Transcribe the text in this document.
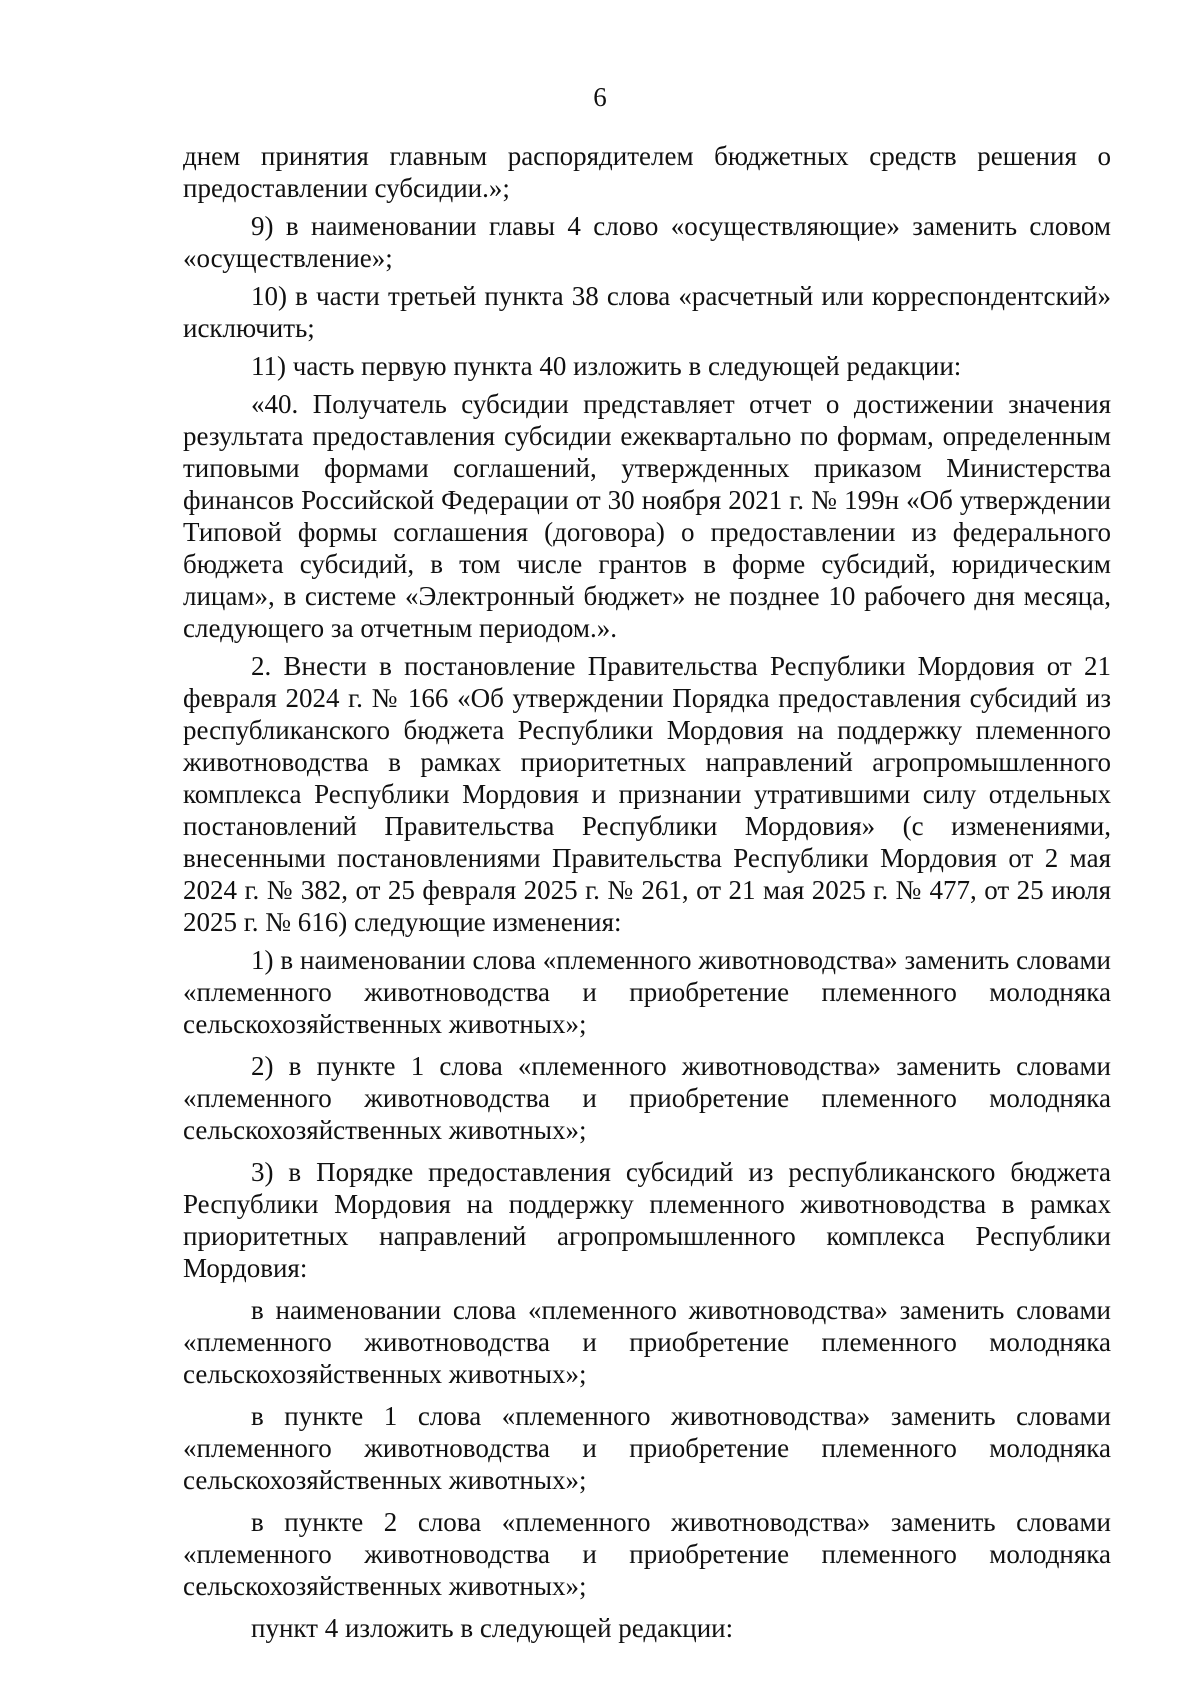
6

днем принятия главным распорядителем бюджетных средств решения о предоставлении субсидии.»;

9) в наименовании главы 4 слово «осуществляющие» заменить словом «осуществление»;

10) в части третьей пункта 38 слова «расчетный или корреспондентский» исключить;

11) часть первую пункта 40 изложить в следующей редакции:

«40. Получатель субсидии представляет отчет о достижении значения результата предоставления субсидии ежеквартально по формам, определенным типовыми формами соглашений, утвержденных приказом Министерства финансов Российской Федерации от 30 ноября 2021 г. № 199н «Об утверждении Типовой формы соглашения (договора) о предоставлении из федерального бюджета субсидий, в том числе грантов в форме субсидий, юридическим лицам», в системе «Электронный бюджет» не позднее 10 рабочего дня месяца, следующего за отчетным периодом.».

2. Внести в постановление Правительства Республики Мордовия от 21 февраля 2024 г. № 166 «Об утверждении Порядка предоставления субсидий из республиканского бюджета Республики Мордовия на поддержку племенного животноводства в рамках приоритетных направлений агропромышленного комплекса Республики Мордовия и признании утратившими силу отдельных постановлений Правительства Республики Мордовия» (с изменениями, внесенными постановлениями Правительства Республики Мордовия от 2 мая 2024 г. № 382, от 25 февраля 2025 г. № 261, от 21 мая 2025 г. № 477, от 25 июля 2025 г. № 616) следующие изменения:

1) в наименовании слова «племенного животноводства» заменить словами «племенного животноводства и приобретение племенного молодняка сельскохозяйственных животных»;

2) в пункте 1 слова «племенного животноводства» заменить словами «племенного животноводства и приобретение племенного молодняка сельскохозяйственных животных»;

3) в Порядке предоставления субсидий из республиканского бюджета Республики Мордовия на поддержку племенного животноводства в рамках приоритетных направлений агропромышленного комплекса Республики Мордовия:

в наименовании слова «племенного животноводства» заменить словами «племенного животноводства и приобретение племенного молодняка сельскохозяйственных животных»;

в пункте 1 слова «племенного животноводства» заменить словами «племенного животноводства и приобретение племенного молодняка сельскохозяйственных животных»;

в пункте 2 слова «племенного животноводства» заменить словами «племенного животноводства и приобретение племенного молодняка сельскохозяйственных животных»;

пункт 4 изложить в следующей редакции:
